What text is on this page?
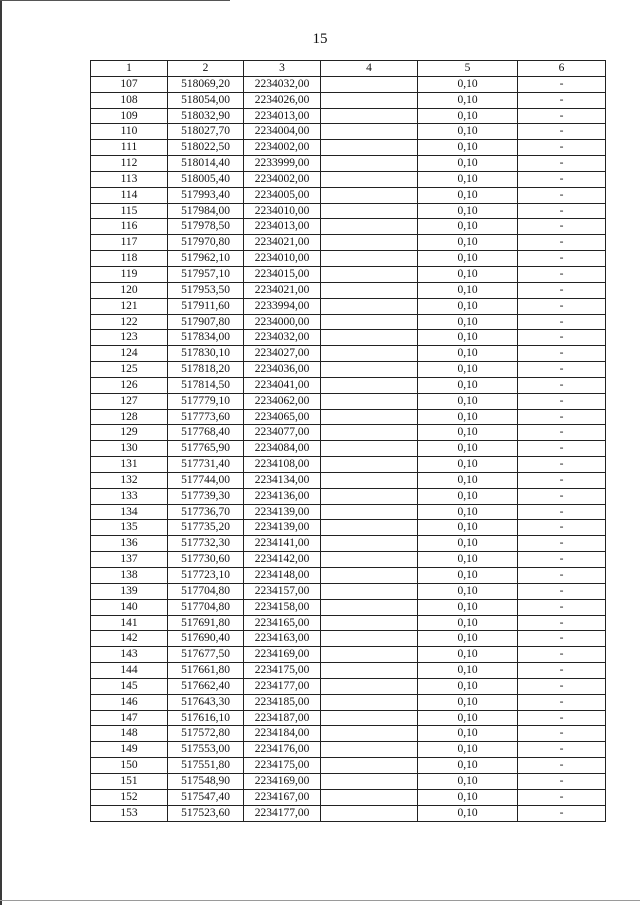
15
1	2	3	4	5	6
107	518069,20	2234032,00		0,10	-
108	518054,00	2234026,00		0,10	-
109	518032,90	2234013,00		0,10	-
110	518027,70	2234004,00		0,10	-
111	518022,50	2234002,00		0,10	-
112	518014,40	2233999,00		0,10	-
113	518005,40	2234002,00		0,10	-
114	517993,40	2234005,00		0,10	-
115	517984,00	2234010,00		0,10	-
116	517978,50	2234013,00		0,10	-
117	517970,80	2234021,00		0,10	-
118	517962,10	2234010,00		0,10	-
119	517957,10	2234015,00		0,10	-
120	517953,50	2234021,00		0,10	-
121	517911,60	2233994,00		0,10	-
122	517907,80	2234000,00		0,10	-
123	517834,00	2234032,00		0,10	-
124	517830,10	2234027,00		0,10	-
125	517818,20	2234036,00		0,10	-
126	517814,50	2234041,00		0,10	-
127	517779,10	2234062,00		0,10	-
128	517773,60	2234065,00		0,10	-
129	517768,40	2234077,00		0,10	-
130	517765,90	2234084,00		0,10	-
131	517731,40	2234108,00		0,10	-
132	517744,00	2234134,00		0,10	-
133	517739,30	2234136,00		0,10	-
134	517736,70	2234139,00		0,10	-
135	517735,20	2234139,00		0,10	-
136	517732,30	2234141,00		0,10	-
137	517730,60	2234142,00		0,10	-
138	517723,10	2234148,00		0,10	-
139	517704,80	2234157,00		0,10	-
140	517704,80	2234158,00		0,10	-
141	517691,80	2234165,00		0,10	-
142	517690,40	2234163,00		0,10	-
143	517677,50	2234169,00		0,10	-
144	517661,80	2234175,00		0,10	-
145	517662,40	2234177,00		0,10	-
146	517643,30	2234185,00		0,10	-
147	517616,10	2234187,00		0,10	-
148	517572,80	2234184,00		0,10	-
149	517553,00	2234176,00		0,10	-
150	517551,80	2234175,00		0,10	-
151	517548,90	2234169,00		0,10	-
152	517547,40	2234167,00		0,10	-
153	517523,60	2234177,00		0,10	-
